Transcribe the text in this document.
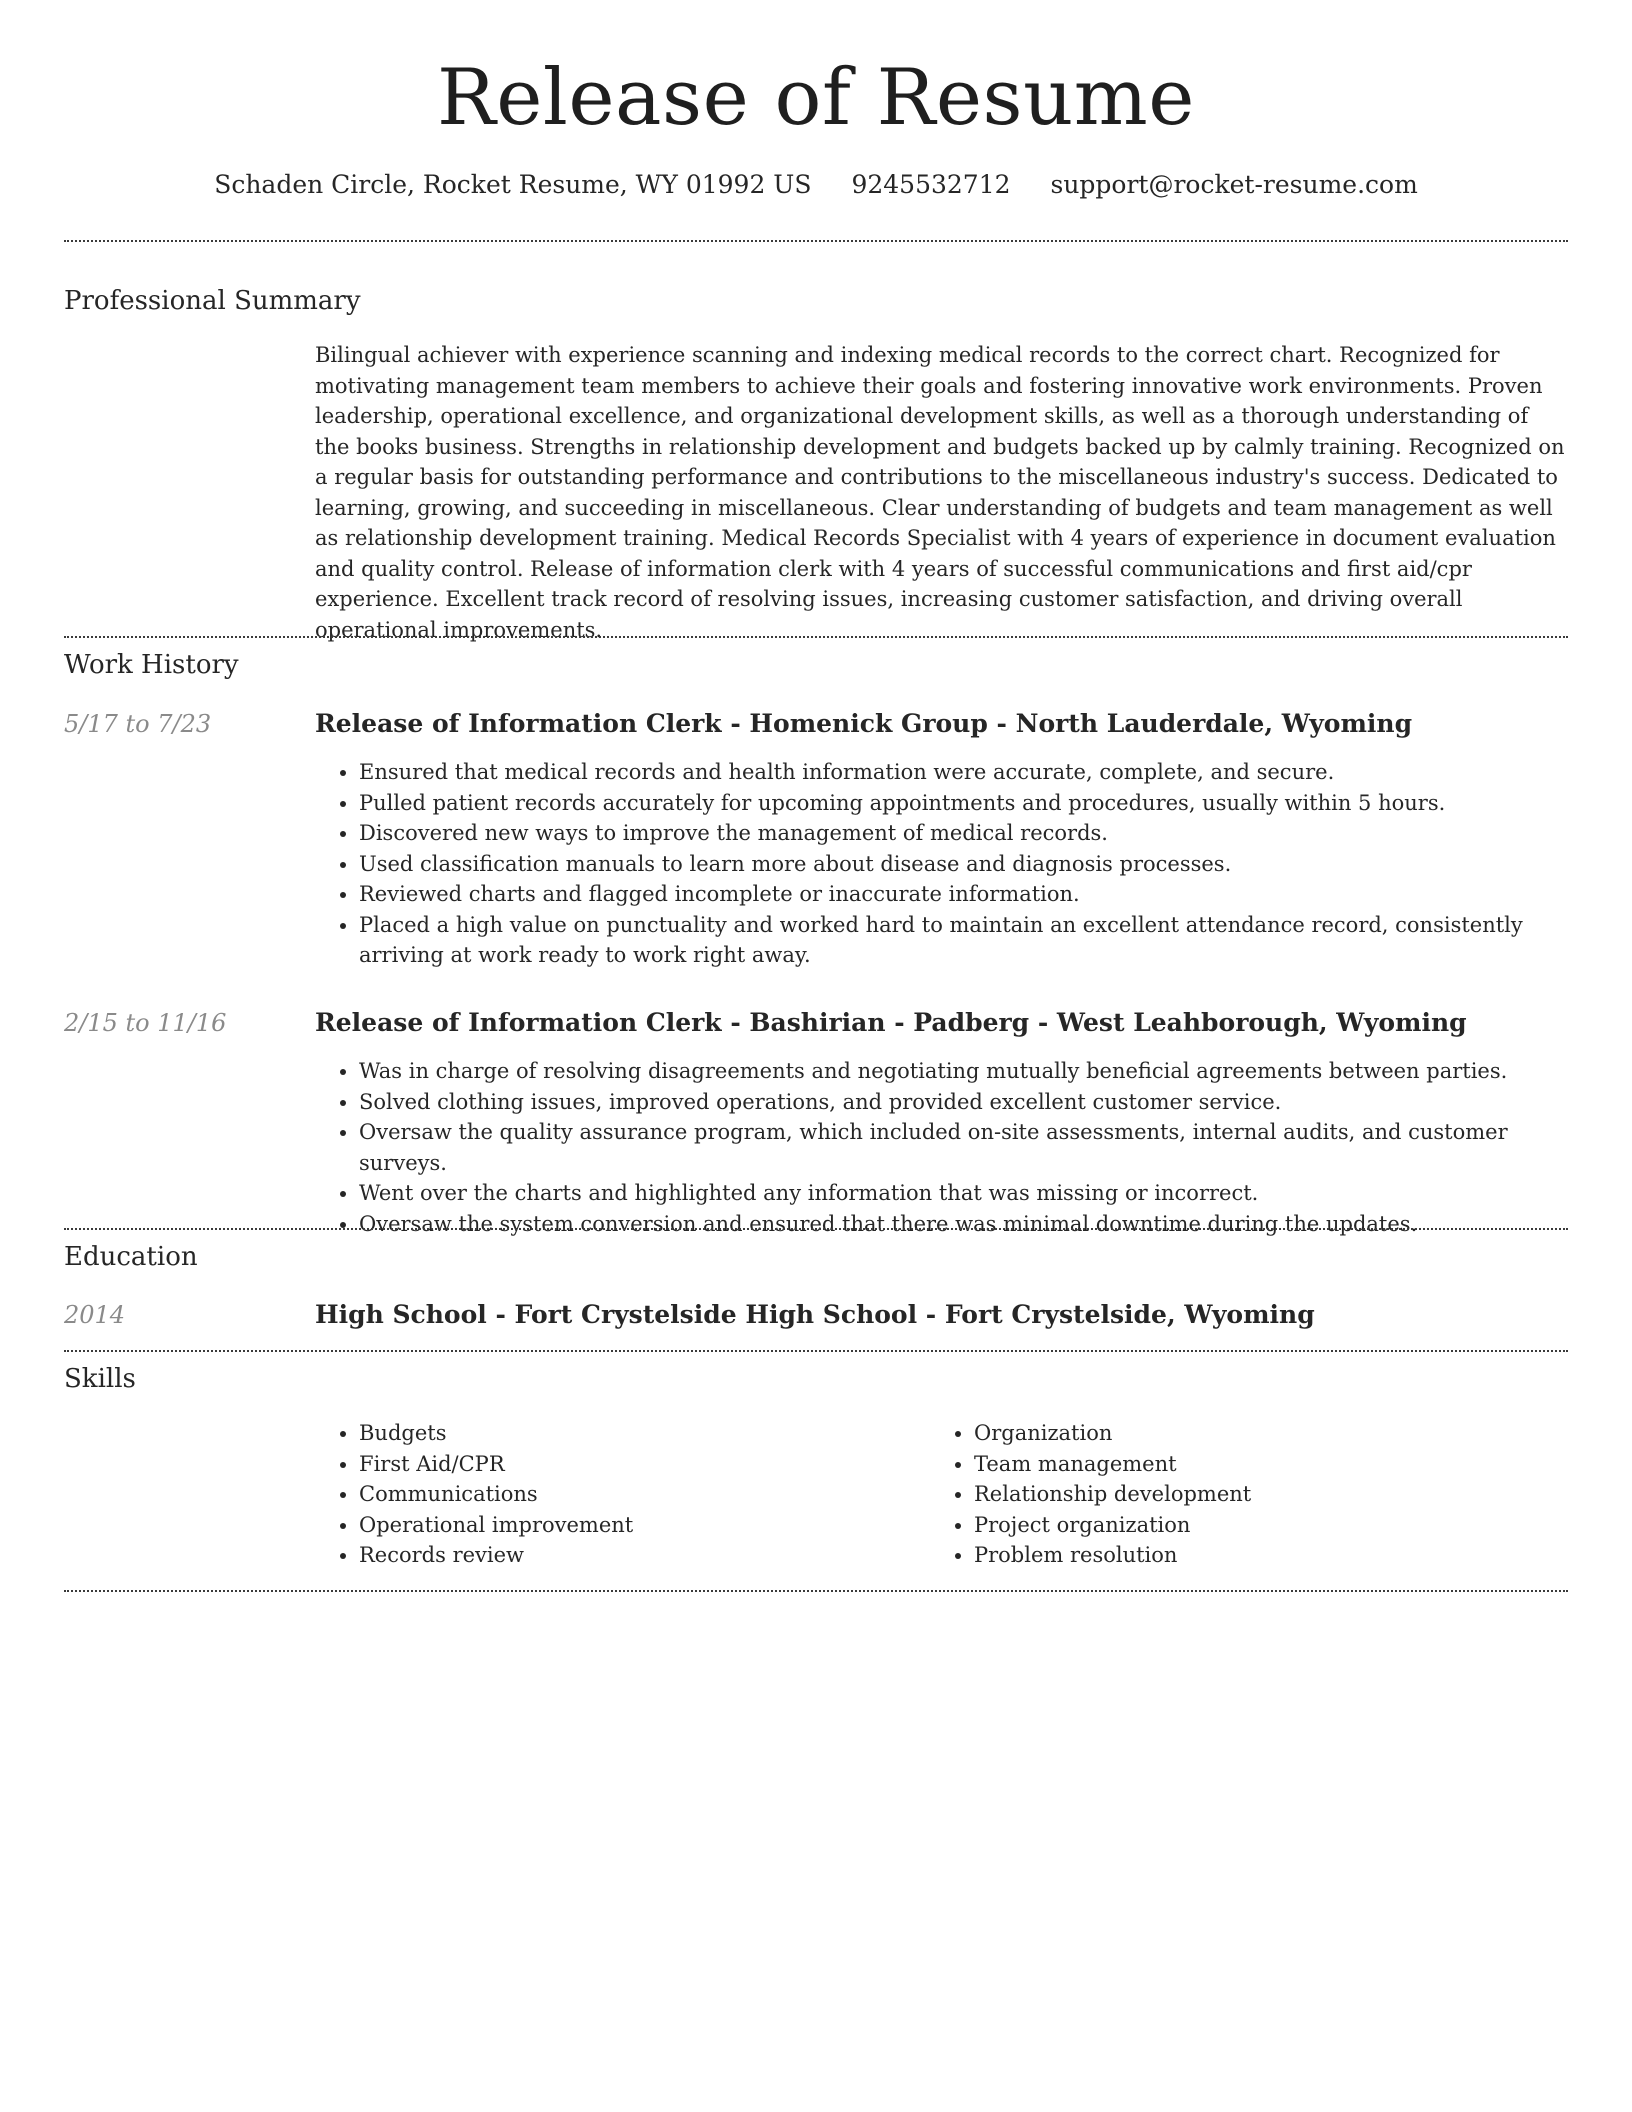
Release of Resume
Schaden Circle, Rocket Resume, WY 01992 US 9245532712 support@rocket-resume.com
Professional Summary

Bilingual achiever with experience scanning and indexing medical records to the correct chart. Recognized for motivating management team members to achieve their goals and fostering innovative work environments. Proven leadership, operational excellence, and organizational development skills, as well as a thorough understanding of the books business. Strengths in relationship development and budgets backed up by calmly training. Recognized on a regular basis for outstanding performance and contributions to the miscellaneous industry's success. Dedicated to learning, growing, and succeeding in miscellaneous. Clear understanding of budgets and team management as well as relationship development training. Medical Records Specialist with 4 years of experience in document evaluation and quality control. Release of information clerk with 4 years of successful communications and first aid/cpr experience. Excellent track record of resolving issues, increasing customer satisfaction, and driving overall operational improvements.

Work History
5/17 to 7/23	Release of Information Clerk - Homenick Group - North Lauderdale, Wyoming
• Ensured that medical records and health information were accurate, complete, and secure.
• Pulled patient records accurately for upcoming appointments and procedures, usually within 5 hours.
• Discovered new ways to improve the management of medical records.
• Used classification manuals to learn more about disease and diagnosis processes.
• Reviewed charts and flagged incomplete or inaccurate information.
• Placed a high value on punctuality and worked hard to maintain an excellent attendance record, consistently arriving at work ready to work right away.
2/15 to 11/16	Release of Information Clerk - Bashirian - Padberg - West Leahborough, Wyoming
• Was in charge of resolving disagreements and negotiating mutually beneficial agreements between parties.
• Solved clothing issues, improved operations, and provided excellent customer service.
• Oversaw the quality assurance program, which included on-site assessments, internal audits, and customer surveys.
• Went over the charts and highlighted any information that was missing or incorrect.
• Oversaw the system conversion and ensured that there was minimal downtime during the updates.
Education
2014	High School - Fort Crystelside High School - Fort Crystelside, Wyoming
Skills
• Budgets
• First Aid/CPR
• Communications
• Operational improvement
• Records review
• Organization
• Team management
• Relationship development
• Project organization
• Problem resolution
